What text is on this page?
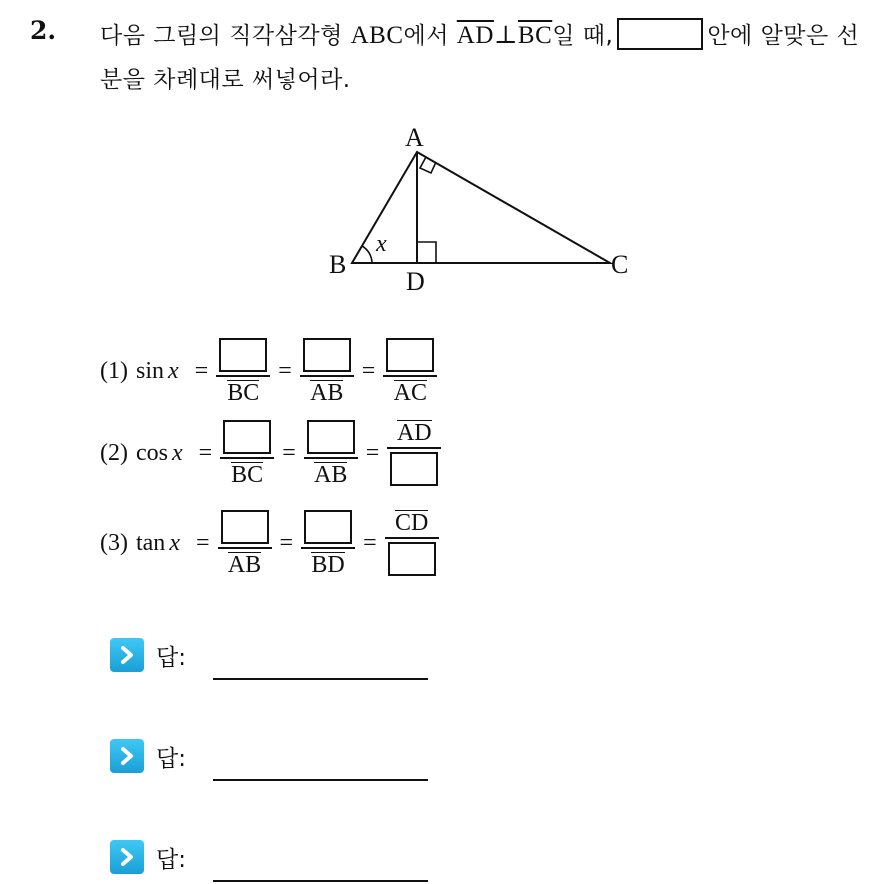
2. 다음 그림의 직각삼각형 ABC에서 $\overline{AD}\perp\overline{BC}$일 때,	안에 알맞은 선분을 차례대로 써넣어라.
A
B	C
D
x
(1) sin x =
BC
=
AB
=
AC
(2) cos x =
BC
=
AB
=
AD
(3) tan x =
AB
=
BD
=
CD
답:
답:
답:
